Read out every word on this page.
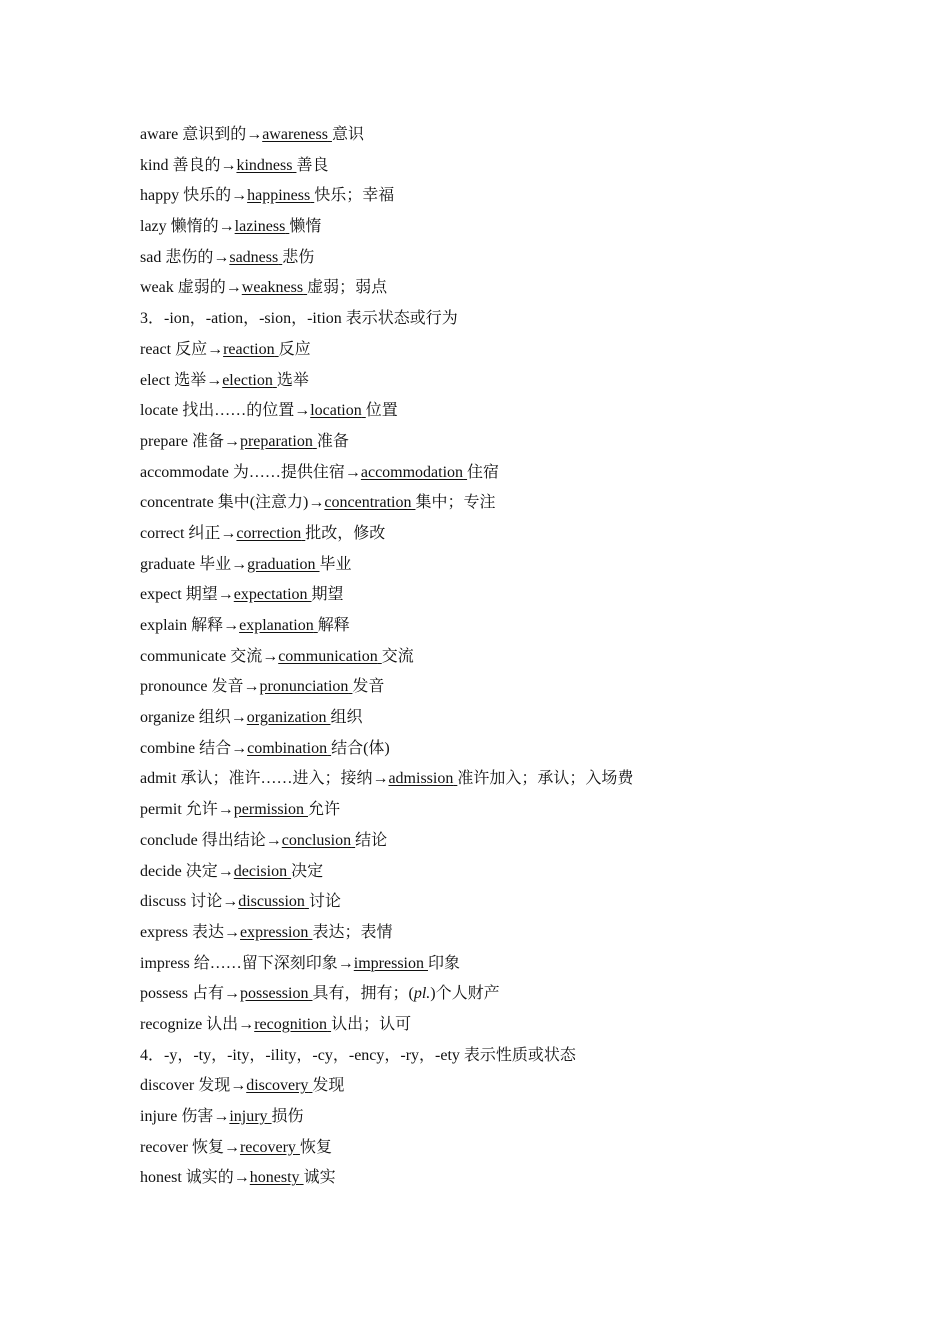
aware 意识到的→awareness 意识
kind 善良的→kindness 善良
happy 快乐的→happiness 快乐；幸福
lazy 懒惰的→laziness 懒惰
sad 悲伤的→sadness 悲伤
weak 虚弱的→weakness 虚弱；弱点
3．-ion，-ation，-sion，-ition 表示状态或行为
react 反应→reaction 反应
elect 选举→election 选举
locate 找出……的位置→location 位置
prepare 准备→preparation 准备
accommodate 为……提供住宿→accommodation 住宿
concentrate 集中(注意力)→concentration 集中；专注
correct 纠正→correction 批改，修改
graduate 毕业→graduation 毕业
expect 期望→expectation 期望
explain 解释→explanation 解释
communicate 交流→communication 交流
pronounce 发音→pronunciation 发音
organize 组织→organization 组织
combine 结合→combination 结合(体)
admit 承认；准许……进入；接纳→admission 准许加入；承认；入场费
permit 允许→permission 允许
conclude 得出结论→conclusion 结论
decide 决定→decision 决定
discuss 讨论→discussion 讨论
express 表达→expression 表达；表情
impress 给……留下深刻印象→impression 印象
possess 占有→possession 具有，拥有；(pl.)个人财产
recognize 认出→recognition 认出；认可
4．-y，-ty，-ity，-ility，-cy，-ency，-ry，-ety 表示性质或状态
discover 发现→discovery 发现
injure 伤害→injury 损伤
recover 恢复→recovery 恢复
honest 诚实的→honesty 诚实
